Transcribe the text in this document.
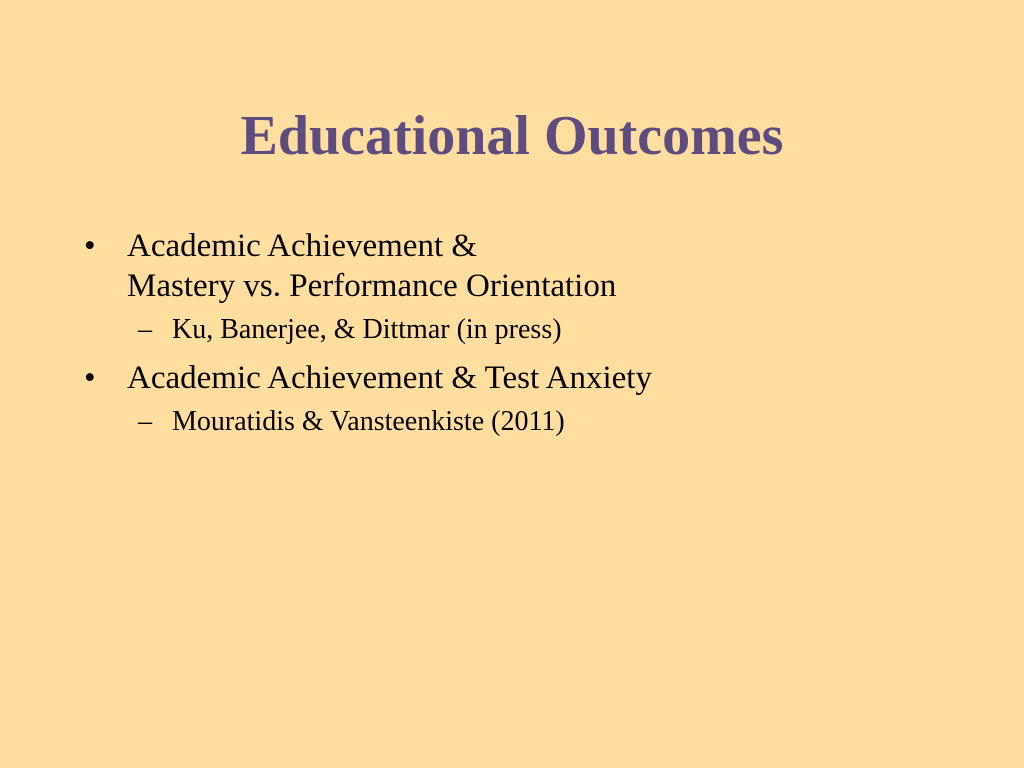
Educational Outcomes
• Academic Achievement &
Mastery vs. Performance Orientation
– Ku, Banerjee, & Dittmar (in press)
• Academic Achievement & Test Anxiety
– Mouratidis & Vansteenkiste (2011)
